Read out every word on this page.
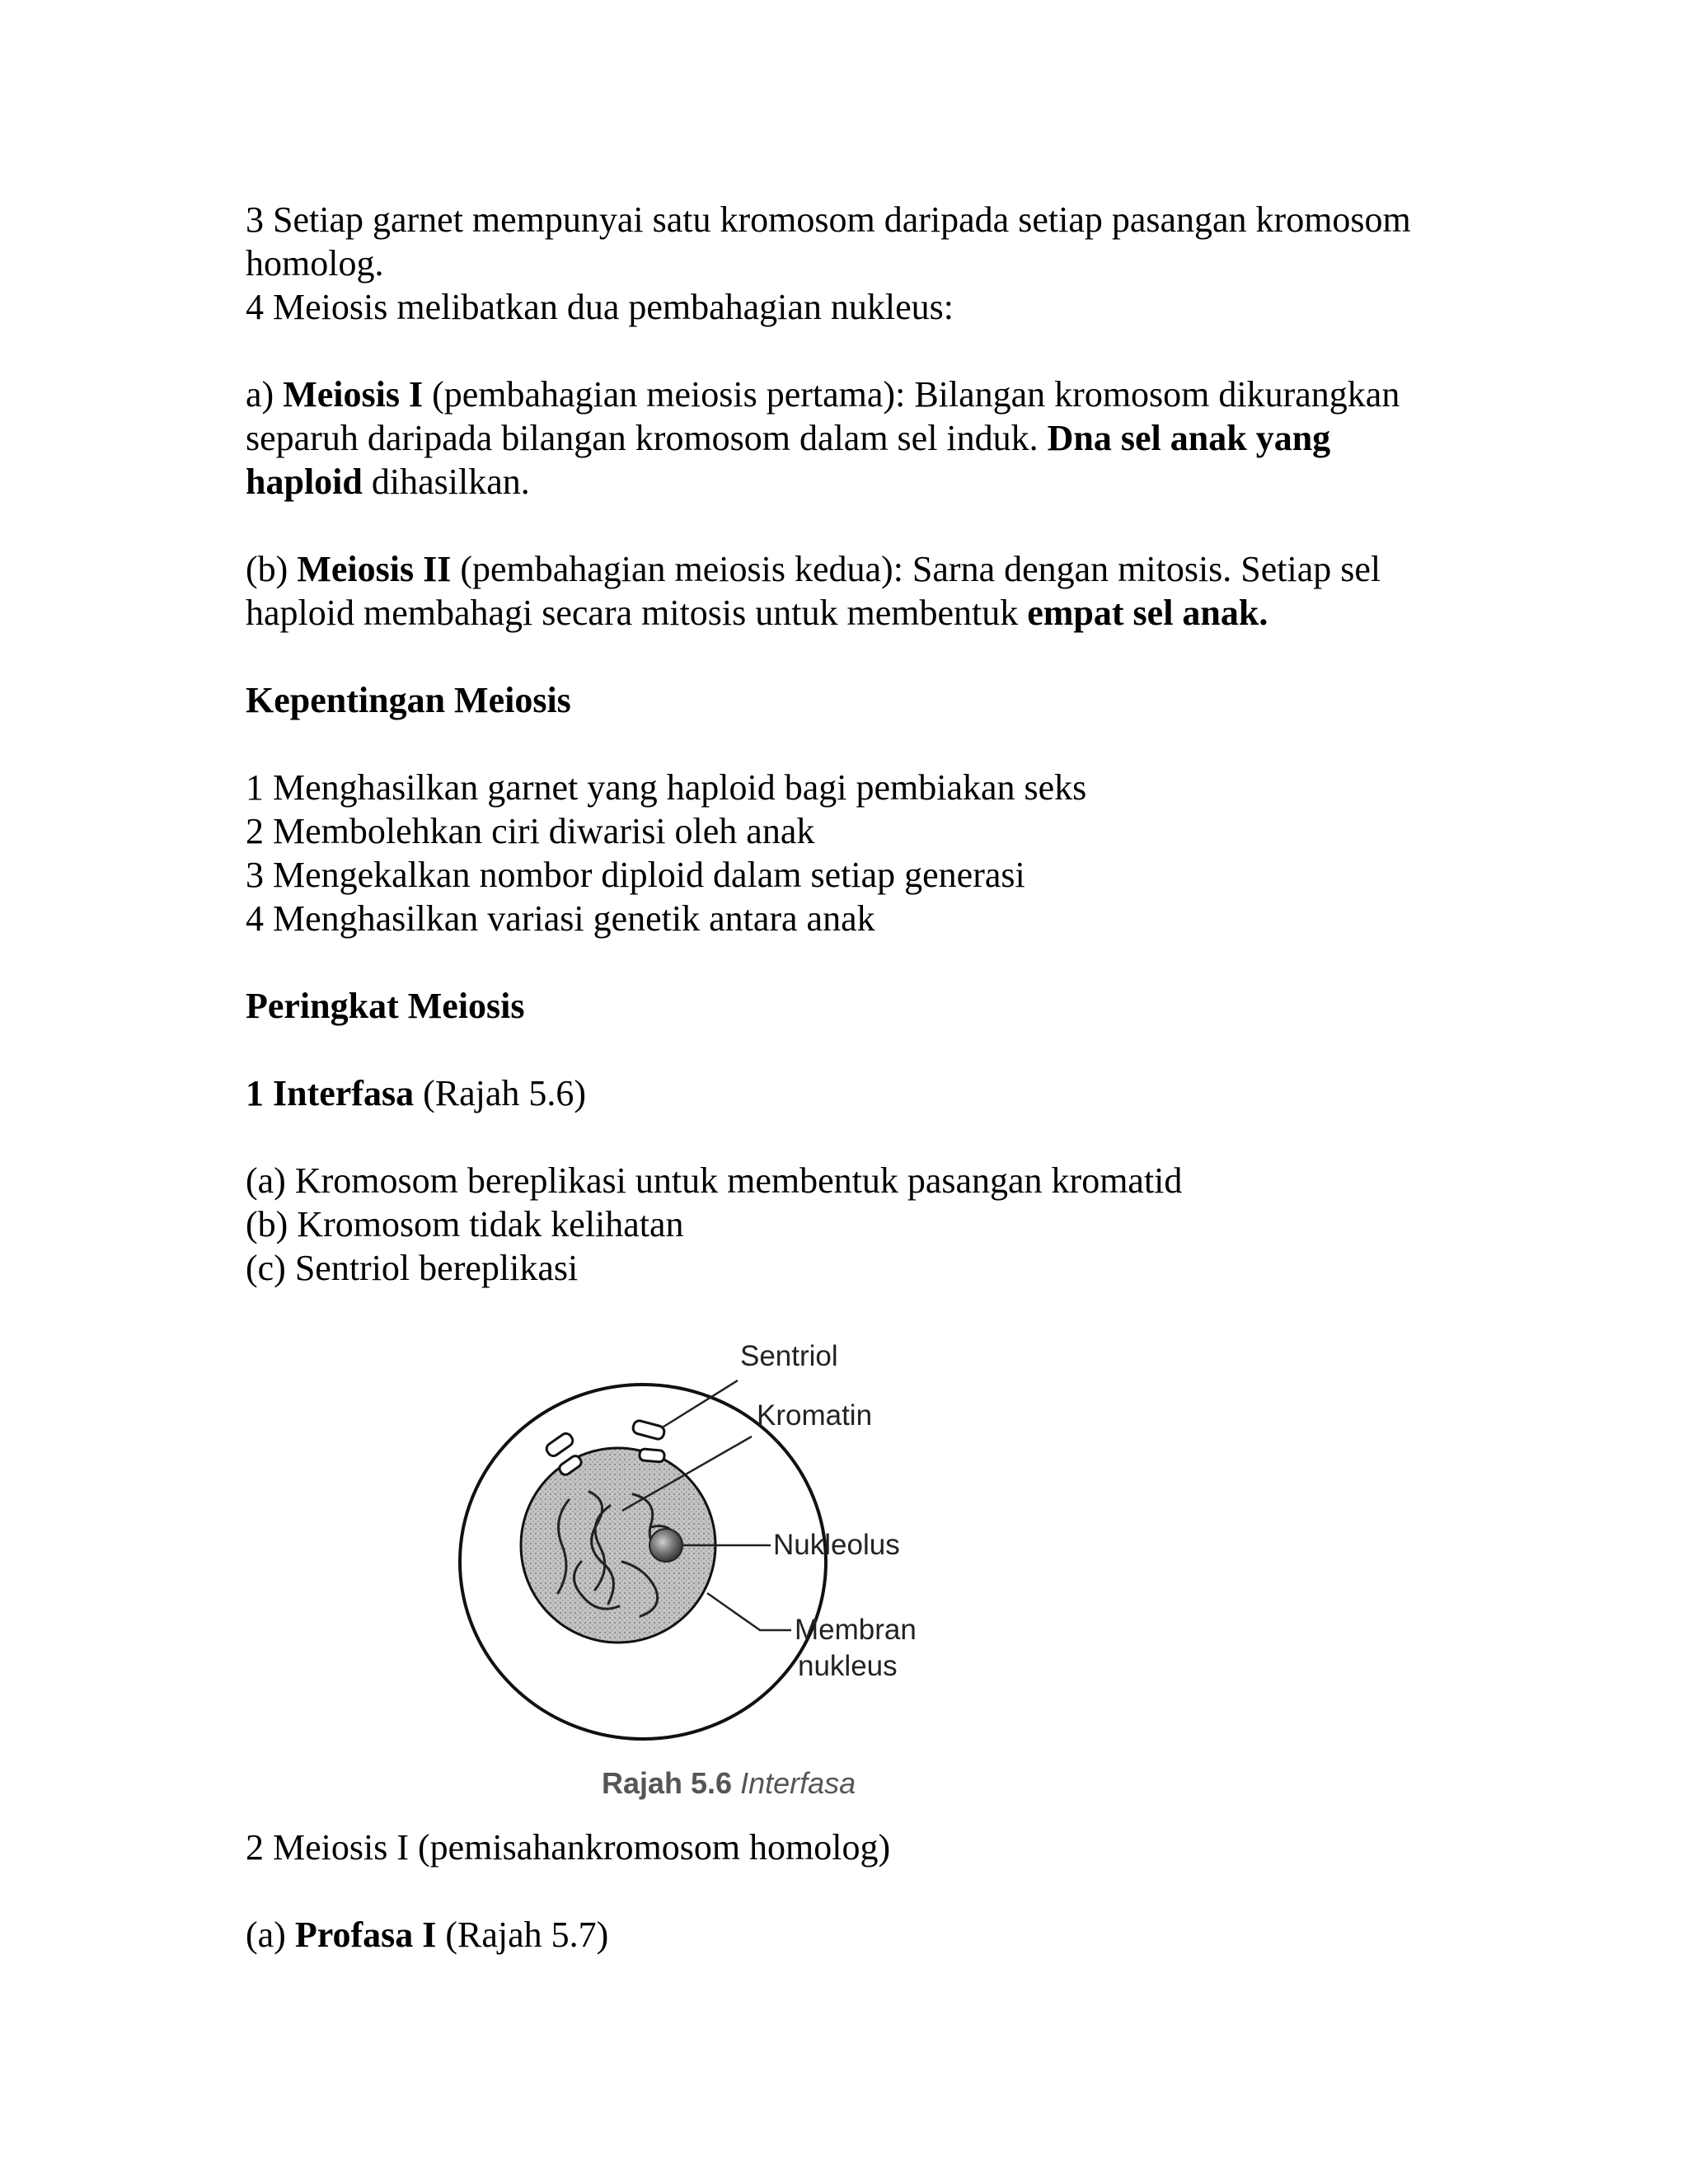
3 Setiap garnet mempunyai satu kromosom daripada setiap pasangan kromosom

homolog.

4 Meiosis melibatkan dua pembahagian nukleus:

a) Meiosis I (pembahagian meiosis pertama): Bilangan kromosom dikurangkan

separuh daripada bilangan kromosom dalam sel induk. Dna sel anak yang

haploid dihasilkan.

(b) Meiosis II (pembahagian meiosis kedua): Sarna dengan mitosis. Setiap sel

haploid membahagi secara mitosis untuk membentuk empat sel anak.

Kepentingan Meiosis

1 Menghasilkan garnet yang haploid bagi pembiakan seks

2 Membolehkan ciri diwarisi oleh anak

3 Mengekalkan nombor diploid dalam setiap generasi

4 Menghasilkan variasi genetik antara anak

Peringkat Meiosis

1 Interfasa (Rajah 5.6)

(a) Kromosom bereplikasi untuk membentuk pasangan kromatid

(b) Kromosom tidak kelihatan

(c) Sentriol bereplikasi

Sentriol
Kromatin
Nukleolus
Membran
nukleus
Rajah 5.6 Interfasa

2 Meiosis I (pemisahankromosom homolog)

(a) Profasa I (Rajah 5.7)
